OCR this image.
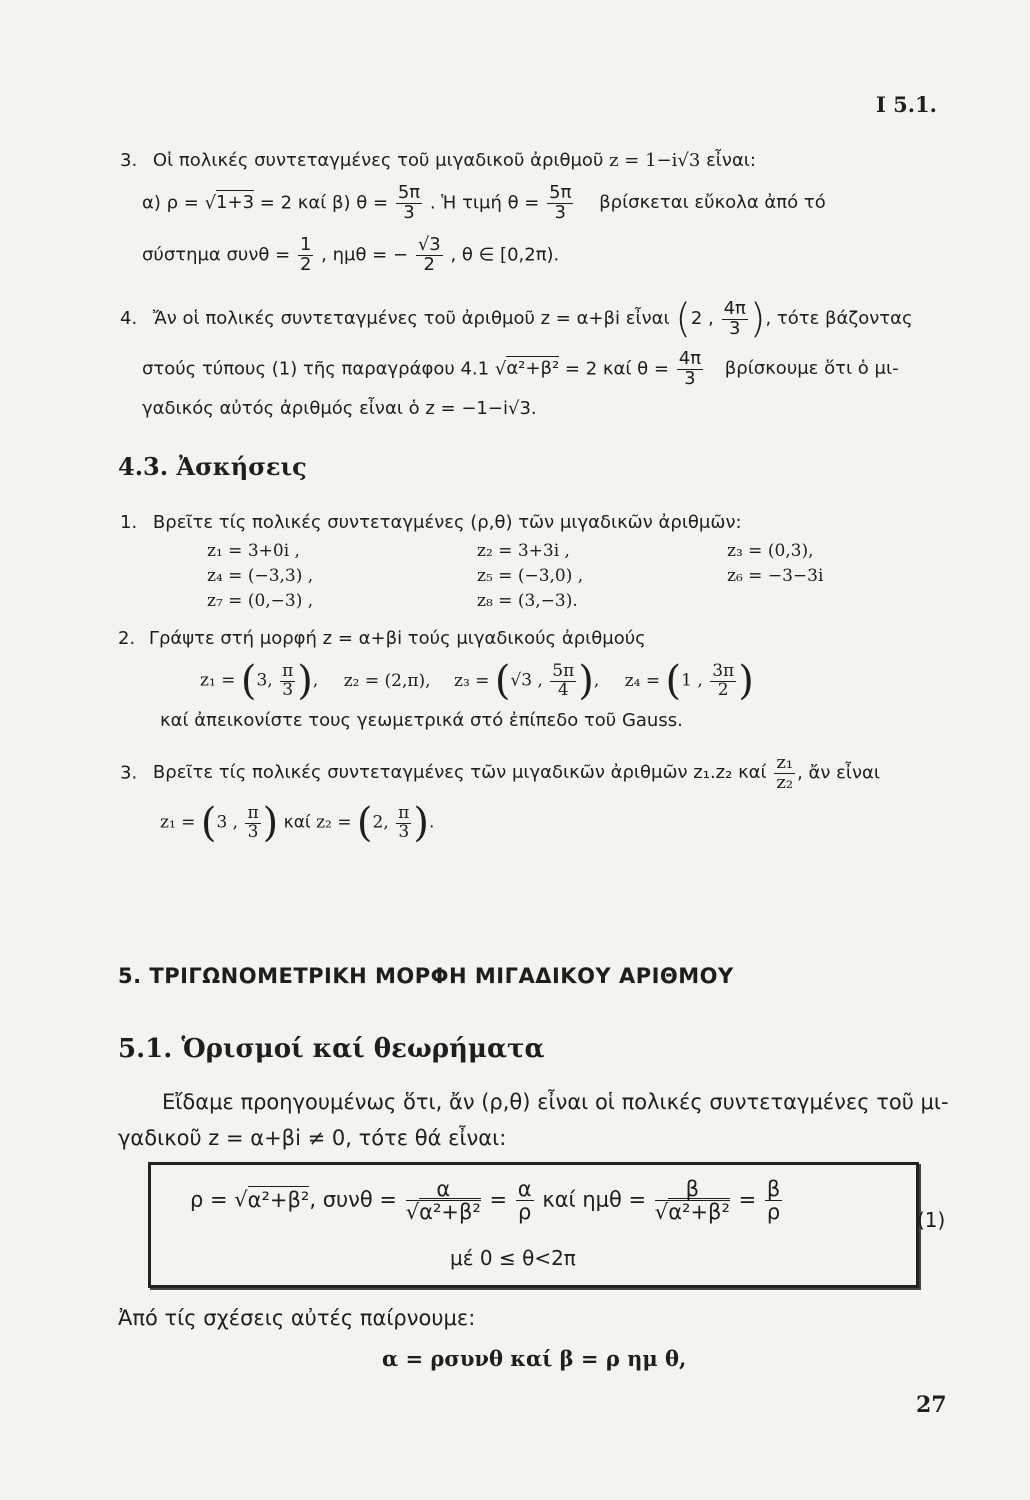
I 5.1.
3. Οἱ πολικές συντεταγμένες τοῦ μιγαδικοῦ ἀριθμοῦ z = 1−i√3 εἶναι:
α) ρ = √1+3 = 2 καί β) $\theta = \frac{5\pi}{3}$ . Ἡ τιμή $\theta = \frac{5\pi}{3}$ βρίσκεται εὔκολα ἀπό τό
σύστημα $\sigma\upsilon\nu\theta = \frac{1}{2}$ , ημθ = − $\frac{√3}{2}$ , θ ∈ [0,2π).
4. Ἄν οἱ πολικές συντεταγμένες τοῦ ἀριθμοῦ z = α+βi εἶναι (2 , $\frac{4\pi}{3}$ ), τότε βάζοντας
στούς τύπους (1) τῆς παραγράφου 4.1 √α²+β² = 2 καί $\theta = \frac{4\pi}{3}$ βρίσκουμε ὅτι ὁ μι-
γαδικός αὐτός ἀριθμός εἶναι ὁ z = −1−i√3.
4.3. Ἀσκήσεις
1. Βρεῖτε τίς πολικές συντεταγμένες (ρ,θ) τῶν μιγαδικῶν ἀριθμῶν:
z₁ = 3+0i ,	z₂ = 3+3i ,	z₃ = (0,3),
z₄ = (−3,3) ,	z₅ = (−3,0) ,	z₆ = −3−3i
z₇ = (0,−3) ,	z₈ = (3,−3).
2. Γράψτε στή μορφή z = α+βi τούς μιγαδικούς ἀριθμούς
z₁ = (3, $\frac{\pi}{3}$ ), z₂ = (2,π), z₃ = (√3 , $\frac{5\pi}{4}$ ), z₄ = (1 , $\frac{3\pi}{2}$ )
καί ἀπεικονίστε τους γεωμετρικά στό ἐπίπεδο τοῦ Gauss.
3. Βρεῖτε τίς πολικές συντεταγμένες τῶν μιγαδικῶν ἀριθμῶν z₁.z₂ καί $\frac{\text{z₁}}{\text{z₂}}$ , ἄν εἶναι
z₁ = (3 , $\frac{\pi}{3}$ ) καί z₂ = (2, $\frac{\pi}{3}$ ).
5. ΤΡΙΓΩΝΟΜΕΤΡΙΚΗ ΜΟΡΦΗ ΜΙΓΑΔΙΚΟΥ ΑΡΙΘΜΟΥ
5.1. Ὁρισμοί καί θεωρήματα
Εἴδαμε προηγουμένως ὅτι, ἄν (ρ,θ) εἶναι οἱ πολικές συντεταγμένες τοῦ μι-
γαδικοῦ z = α+βi ≠ 0, τότε θά εἶναι:
ρ = √α²+β², $\sigma\upsilon\nu\theta = \frac{\alpha}{\text{√α²+β²}} = \frac{\alpha}{\rho}$ καί $\eta\mu\theta = \frac{\beta}{\text{√α²+β²}} = \frac{\beta}{\rho}$
μέ 0 ≤ θ<2π
(1)
Ἀπό τίς σχέσεις αὐτές παίρνουμε:
α = ρσυνθ καί β = ρ ημ θ,
27
